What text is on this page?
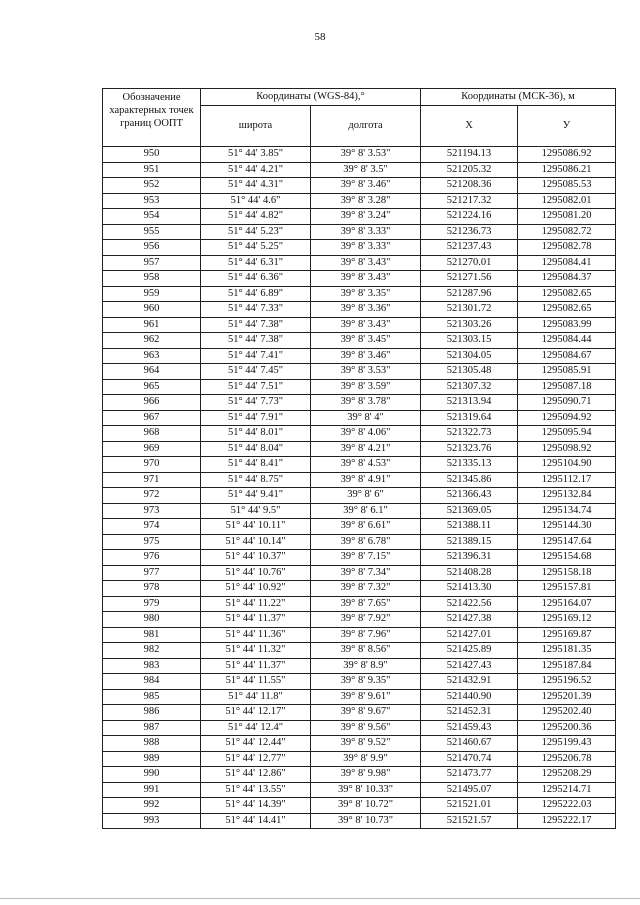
58
Обозначение характерных точек границ ООПТ	Координаты (WGS-84),°		Координаты (МСК-36), м	
	широта	долгота	X	У
950	51° 44' 3.85"	39° 8' 3.53"	521194.13	1295086.92
951	51° 44' 4.21"	39° 8' 3.5"	521205.32	1295086.21
952	51° 44' 4.31"	39° 8' 3.46"	521208.36	1295085.53
953	51° 44' 4.6"	39° 8' 3.28"	521217.32	1295082.01
954	51° 44' 4.82"	39° 8' 3.24"	521224.16	1295081.20
955	51° 44' 5.23"	39° 8' 3.33"	521236.73	1295082.72
956	51° 44' 5.25"	39° 8' 3.33"	521237.43	1295082.78
957	51° 44' 6.31"	39° 8' 3.43"	521270.01	1295084.41
958	51° 44' 6.36"	39° 8' 3.43"	521271.56	1295084.37
959	51° 44' 6.89"	39° 8' 3.35"	521287.96	1295082.65
960	51° 44' 7.33"	39° 8' 3.36"	521301.72	1295082.65
961	51° 44' 7.38"	39° 8' 3.43"	521303.26	1295083.99
962	51° 44' 7.38"	39° 8' 3.45"	521303.15	1295084.44
963	51° 44' 7.41"	39° 8' 3.46"	521304.05	1295084.67
964	51° 44' 7.45"	39° 8' 3.53"	521305.48	1295085.91
965	51° 44' 7.51"	39° 8' 3.59"	521307.32	1295087.18
966	51° 44' 7.73"	39° 8' 3.78"	521313.94	1295090.71
967	51° 44' 7.91"	39° 8' 4"	521319.64	1295094.92
968	51° 44' 8.01"	39° 8' 4.06"	521322.73	1295095.94
969	51° 44' 8.04"	39° 8' 4.21"	521323.76	1295098.92
970	51° 44' 8.41"	39° 8' 4.53"	521335.13	1295104.90
971	51° 44' 8.75"	39° 8' 4.91"	521345.86	1295112.17
972	51° 44' 9.41"	39° 8' 6"	521366.43	1295132.84
973	51° 44' 9.5"	39° 8' 6.1"	521369.05	1295134.74
974	51° 44' 10.11"	39° 8' 6.61"	521388.11	1295144.30
975	51° 44' 10.14"	39° 8' 6.78"	521389.15	1295147.64
976	51° 44' 10.37"	39° 8' 7.15"	521396.31	1295154.68
977	51° 44' 10.76"	39° 8' 7.34"	521408.28	1295158.18
978	51° 44' 10.92"	39° 8' 7.32"	521413.30	1295157.81
979	51° 44' 11.22"	39° 8' 7.65"	521422.56	1295164.07
980	51° 44' 11.37"	39° 8' 7.92"	521427.38	1295169.12
981	51° 44' 11.36"	39° 8' 7.96"	521427.01	1295169.87
982	51° 44' 11.32"	39° 8' 8.56"	521425.89	1295181.35
983	51° 44' 11.37"	39° 8' 8.9"	521427.43	1295187.84
984	51° 44' 11.55"	39° 8' 9.35"	521432.91	1295196.52
985	51° 44' 11.8"	39° 8' 9.61"	521440.90	1295201.39
986	51° 44' 12.17"	39° 8' 9.67"	521452.31	1295202.40
987	51° 44' 12.4"	39° 8' 9.56"	521459.43	1295200.36
988	51° 44' 12.44"	39° 8' 9.52"	521460.67	1295199.43
989	51° 44' 12.77"	39° 8' 9.9"	521470.74	1295206.78
990	51° 44' 12.86"	39° 8' 9.98"	521473.77	1295208.29
991	51° 44' 13.55"	39° 8' 10.33"	521495.07	1295214.71
992	51° 44' 14.39"	39° 8' 10.72"	521521.01	1295222.03
993	51° 44' 14.41"	39° 8' 10.73"	521521.57	1295222.17
